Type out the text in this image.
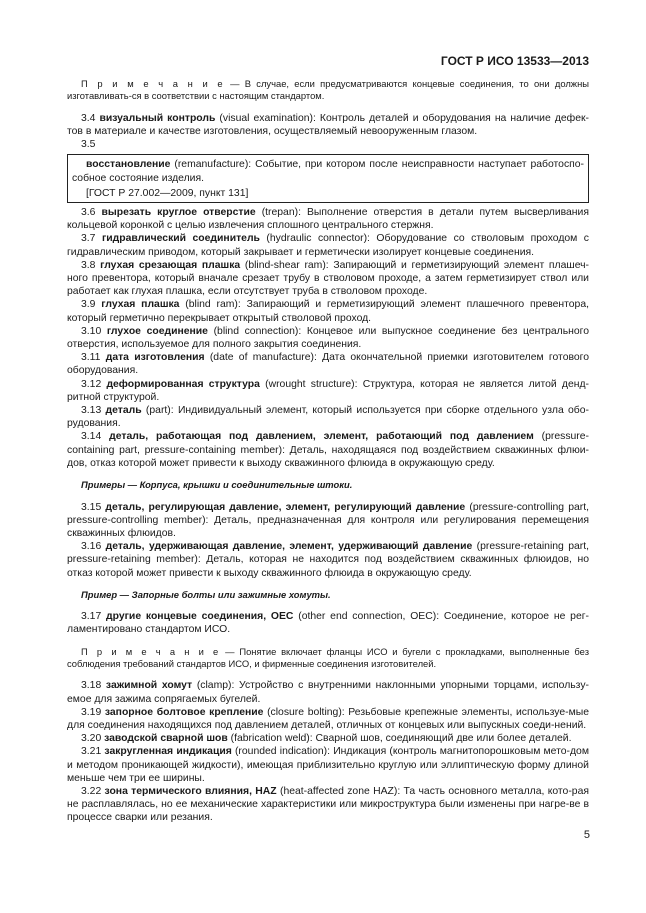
ГОСТ Р ИСО 13533—2013

П р и м е ч а н и е — В случае, если предусматриваются концевые соединения, то они должны изготавливать-ся в соответствии с настоящим стандартом.

3.4 визуальный контроль (visual examination): Контроль деталей и оборудования на наличие дефек-тов в материале и качестве изготовления, осуществляемый невооруженным глазом.

3.5

восстановление (remanufacture): Событие, при котором после неисправности наступает работоспо-собное состояние изделия.

[ГОСТ Р 27.002—2009, пункт 131]

3.6 вырезать круглое отверстие (trepan): Выполнение отверстия в детали путем высверливания кольцевой коронкой с целью извлечения сплошного центрального стержня.

3.7 гидравлический соединитель (hydraulic connector): Оборудование со стволовым проходом с гидравлическим приводом, который закрывает и герметически изолирует концевые соединения.

3.8 глухая срезающая плашка (blind-shear ram): Запирающий и герметизирующий элемент плашеч-ного превентора, который вначале срезает трубу в стволовом проходе, а затем герметизирует ствол или работает как глухая плашка, если отсутствует труба в стволовом проходе.

3.9 глухая плашка (blind ram): Запирающий и герметизирующий элемент плашечного превентора, который герметично перекрывает открытый стволовой проход.

3.10 глухое соединение (blind connection): Концевое или выпускное соединение без центрального отверстия, используемое для полного закрытия соединения.

3.11 дата изготовления (date of manufacture): Дата окончательной приемки изготовителем готового оборудования.

3.12 деформированная структура (wrought structure): Структура, которая не является литой денд-ритной структурой.

3.13 деталь (part): Индивидуальный элемент, который используется при сборке отдельного узла обо-рудования.

3.14 деталь, работающая под давлением, элемент, работающий под давлением (pressure-containing part, pressure-containing member): Деталь, находящаяся под воздействием скважинных флюи-дов, отказ которой может привести к выходу скважинного флюида в окружающую среду.

Примеры — Корпуса, крышки и соединительные штоки.

3.15 деталь, регулирующая давление, элемент, регулирующий давление (pressure-controlling part, pressure-controlling member): Деталь, предназначенная для контроля или регулирования перемещения скважинных флюидов.

3.16 деталь, удерживающая давление, элемент, удерживающий давление (pressure-retaining part, pressure-retaining member): Деталь, которая не находится под воздействием скважинных флюидов, но отказ которой может привести к выходу скважинного флюида в окружающую среду.

Пример — Запорные болты или зажимные хомуты.

3.17 другие концевые соединения, OEC (other end connection, OEC): Соединение, которое не рег-ламентировано стандартом ИСО.

П р и м е ч а н и е — Понятие включает фланцы ИСО и бугели с прокладками, выполненные без соблюдения требований стандартов ИСО, и фирменные соединения изготовителей.

3.18 зажимной хомут (clamp): Устройство с внутренними наклонными упорными торцами, использу-емое для зажима сопрягаемых бугелей.

3.19 запорное болтовое крепление (closure bolting): Резьбовые крепежные элементы, используе-мые для соединения находящихся под давлением деталей, отличных от концевых или выпускных соеди-нений.

3.20 заводской сварной шов (fabrication weld): Сварной шов, соединяющий две или более деталей.

3.21 закругленная индикация (rounded indication): Индикация (контроль магнитопорошковым мето-дом и методом проникающей жидкости), имеющая приблизительно круглую или эллиптическую форму длиной меньше чем три ее ширины.

3.22 зона термического влияния, HAZ (heat-affected zone HAZ): Та часть основного металла, кото-рая не расплавлялась, но ее механические характеристики или микроструктура были изменены при нагре-ве в процессе сварки или резания.

5
